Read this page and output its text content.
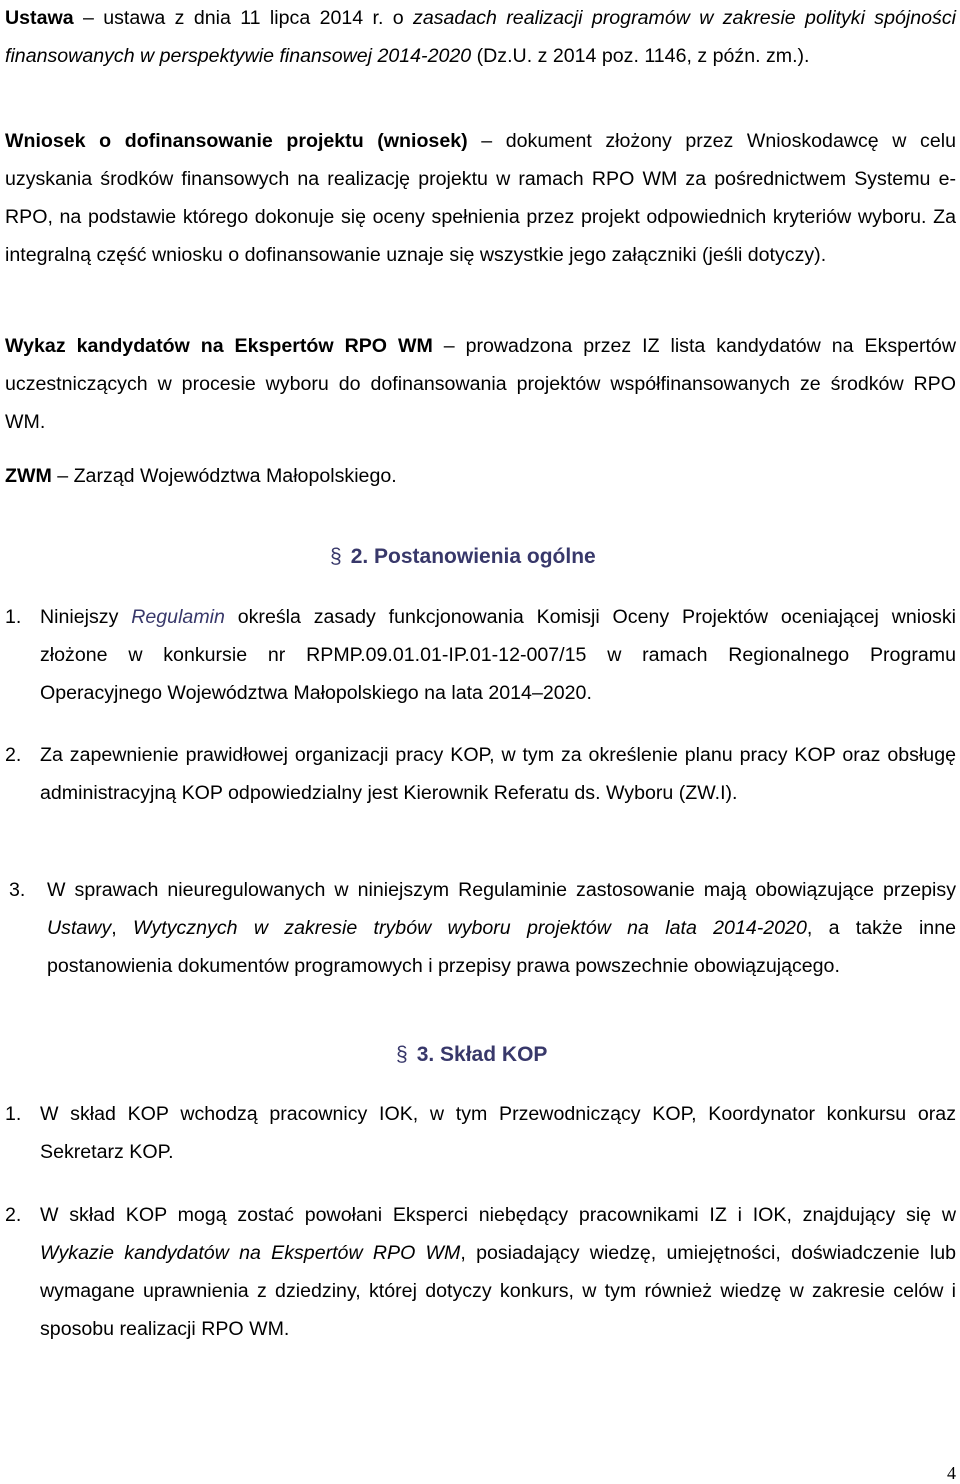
Ustawa – ustawa z dnia 11 lipca 2014 r. o zasadach realizacji programów w zakresie polityki spójności finansowanych w perspektywie finansowej 2014-2020 (Dz.U. z 2014 poz. 1146, z późn. zm.).

Wniosek o dofinansowanie projektu (wniosek) – dokument złożony przez Wnioskodawcę w celu uzyskania środków finansowych na realizację projektu w ramach RPO WM za pośrednictwem Systemu e-RPO, na podstawie którego dokonuje się oceny spełnienia przez projekt odpowiednich kryteriów wyboru. Za integralną część wniosku o dofinansowanie uznaje się wszystkie jego załączniki (jeśli dotyczy).

Wykaz kandydatów na Ekspertów RPO WM – prowadzona przez IZ lista kandydatów na Ekspertów uczestniczących w procesie wyboru do dofinansowania projektów współfinansowanych ze środków RPO WM.

ZWM – Zarząd Województwa Małopolskiego.

§ 2. Postanowienia ogólne
1. Niniejszy Regulamin określa zasady funkcjonowania Komisji Oceny Projektów oceniającej wnioski złożone w konkursie nr RPMP.09.01.01-IP.01-12-007/15 w ramach Regionalnego Programu Operacyjnego Województwa Małopolskiego na lata 2014–2020.
2. Za zapewnienie prawidłowej organizacji pracy KOP, w tym za określenie planu pracy KOP oraz obsługę administracyjną KOP odpowiedzialny jest Kierownik Referatu ds. Wyboru (ZW.I).
3.	W sprawach nieuregulowanych w niniejszym Regulaminie zastosowanie mają obowiązujące przepisy Ustawy, Wytycznych w zakresie trybów wyboru projektów na lata 2014-2020, a także inne postanowienia dokumentów programowych i przepisy prawa powszechnie obowiązującego.
§ 3. Skład KOP
1. W skład KOP wchodzą pracownicy IOK, w tym Przewodniczący KOP, Koordynator konkursu oraz Sekretarz KOP.
2. W skład KOP mogą zostać powołani Eksperci niebędący pracownikami IZ i IOK, znajdujący się w Wykazie kandydatów na Ekspertów RPO WM, posiadający wiedzę, umiejętności, doświadczenie lub wymagane uprawnienia z dziedziny, której dotyczy konkurs, w tym również wiedzę w zakresie celów i sposobu realizacji RPO WM.
4
